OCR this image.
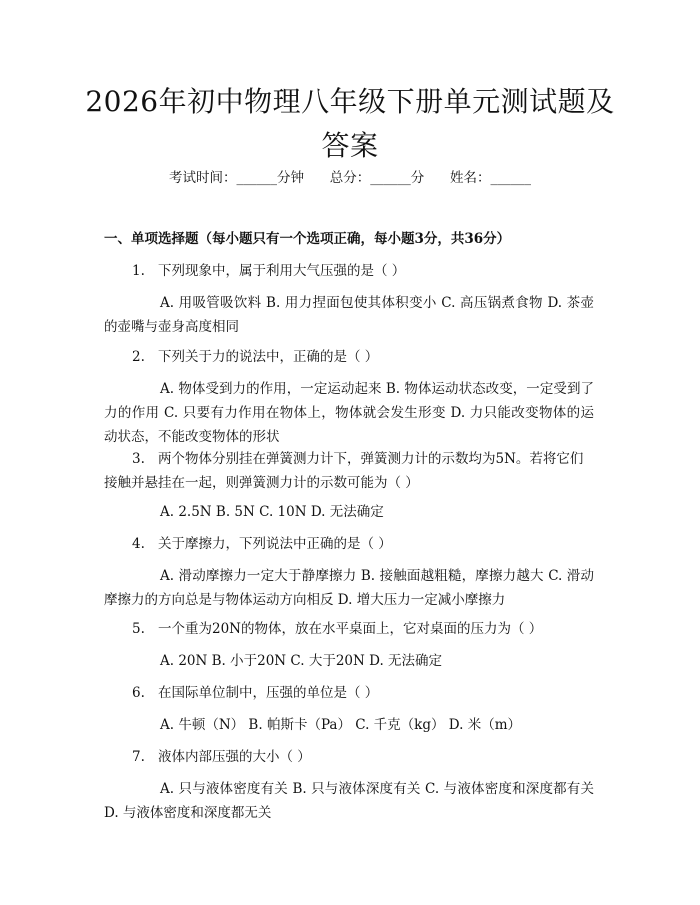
2026年初中物理八年级下册单元测试题及答案
考试时间：______分钟      总分：______分      姓名：______
一、单项选择题（每小题只有一个选项正确，每小题3分，共36分）
1. 下列现象中，属于利用大气压强的是（ ）
A. 用吸管吸饮料 B. 用力捏面包使其体积变小 C. 高压锅煮食物 D. 茶壶的壶嘴与壶身高度相同
2. 下列关于力的说法中，正确的是（ ）
A. 物体受到力的作用，一定运动起来 B. 物体运动状态改变，一定受到了力的作用 C. 只要有力作用在物体上，物体就会发生形变 D. 力只能改变物体的运动状态，不能改变物体的形状
3. 两个物体分别挂在弹簧测力计下，弹簧测力计的示数均为5N。若将它们接触并悬挂在一起，则弹簧测力计的示数可能为（ ）
A. 2.5N B. 5N C. 10N D. 无法确定
4. 关于摩擦力，下列说法中正确的是（ ）
A. 滑动摩擦力一定大于静摩擦力 B. 接触面越粗糙，摩擦力越大 C. 滑动摩擦力的方向总是与物体运动方向相反 D. 增大压力一定减小摩擦力
5. 一个重为20N的物体，放在水平桌面上，它对桌面的压力为（ ）
A. 20N B. 小于20N C. 大于20N D. 无法确定
6. 在国际单位制中，压强的单位是（ ）
A. 牛顿（N） B. 帕斯卡（Pa） C. 千克（kg） D. 米（m）
7. 液体内部压强的大小（ ）
A. 只与液体密度有关 B. 只与液体深度有关 C. 与液体密度和深度都有关 D. 与液体密度和深度都无关
